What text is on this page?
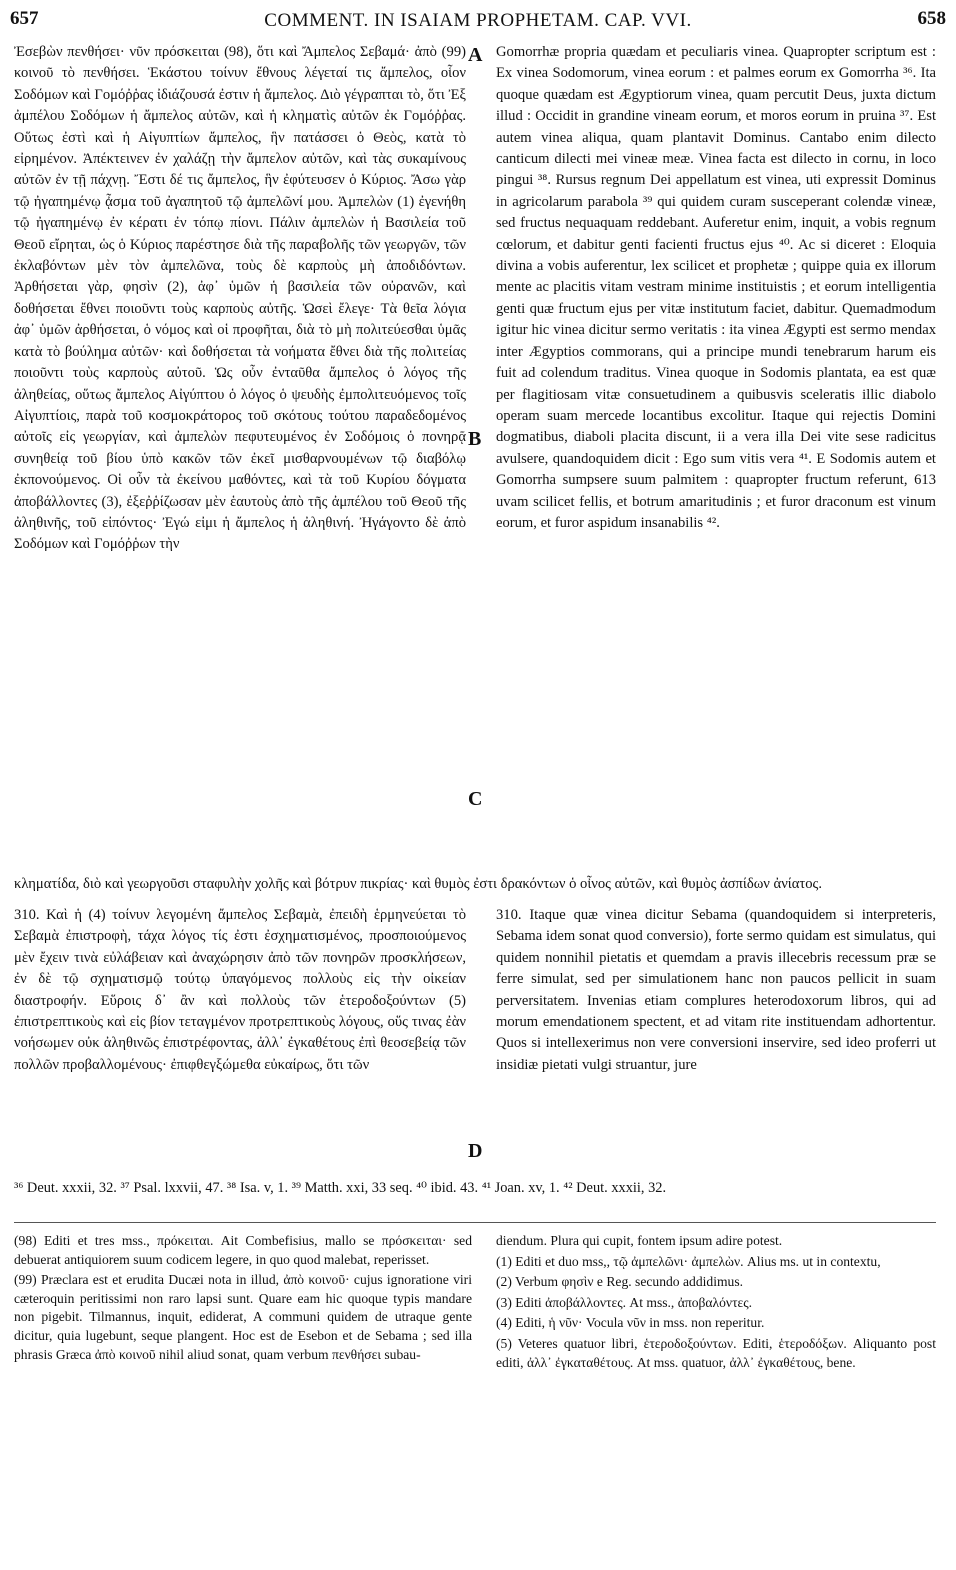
657	COMMENT. IN ISAIAM PROPHETAM. CAP. VVI.	658

Ἐσεβὼν πενθήσει· νῦν πρόσκειται (98), ὅτι καὶ Ἄμπελος Σεβαμά· ἀπὸ (99) κοινοῦ τὸ πενθήσει. Ἑκάστου τοίνυν ἔθνους λέγεταί τις ἄμπελος, οἷον Σοδόμων καὶ Γομόῤῥας ἰδιάζουσά ἐστιν ἡ ἄμπελος. Διὸ γέγραπται τὸ, ὅτι Ἐξ ἀμπέλου Σοδόμων ἡ ἄμπελος αὐτῶν, καὶ ἡ κληματὶς αὐτῶν ἐκ Γομόῤῥας. Οὕτως ἐστὶ καὶ ἡ Αἰγυπτίων ἄμπελος, ἣν πατάσσει ὁ Θεὸς, κατὰ τὸ εἰρημένον. Ἀπέκτεινεν ἐν χαλάζῃ τὴν ἄμπελον αὐτῶν, καὶ τὰς συκαμίνους αὐτῶν ἐν τῇ πάχνῃ. Ἔστι δέ τις ἄμπελος, ἣν ἐφύτευσεν ὁ Κύριος. Ἄσω γὰρ τῷ ἠγαπημένῳ ᾆσμα τοῦ ἀγαπητοῦ τῷ ἀμπελῶνί μου. Ἀμπελὼν (1) ἐγενήθη τῷ ἠγαπημένῳ ἐν κέρατι ἐν τόπῳ πίονι. Πάλιν ἀμπελὼν ἡ Βασιλεία τοῦ Θεοῦ εἴρηται, ὡς ὁ Κύριος παρέστησε διὰ τῆς παραβολῆς τῶν γεωργῶν, τῶν ἐκλαβόντων μὲν τὸν ἀμπελῶνα, τοὺς δὲ καρποὺς μὴ ἀποδιδόντων. Ἀρθήσεται γὰρ, φησὶν (2), ἀφ᾽ ὑμῶν ἡ βασιλεία τῶν οὐρανῶν, καὶ δοθήσεται ἔθνει ποιοῦντι τοὺς καρποὺς αὐτῆς. Ὡσεὶ ἔλεγε· Τὰ θεῖα λόγια ἀφ᾽ ὑμῶν ἀρθήσεται, ὁ νόμος καὶ οἱ προφῆται, διὰ τὸ μὴ πολιτεύεσθαι ὑμᾶς κατὰ τὸ βούλημα αὐτῶν· καὶ δοθήσεται τὰ νοήματα ἔθνει διὰ τῆς πολιτείας ποιοῦντι τοὺς καρποὺς αὐτοῦ. Ὡς οὖν ἐνταῦθα ἄμπελος ὁ λόγος τῆς ἀληθείας, οὕτως ἄμπελος Αἰγύπτου ὁ λόγος ὁ ψευδὴς ἐμπολιτευόμενος τοῖς Αἰγυπτίοις, παρὰ τοῦ κοσμοκράτορος τοῦ σκότους τούτου παραδεδομένος αὐτοῖς εἰς γεωργίαν, καὶ ἀμπελὼν πεφυτευμένος ἐν Σοδόμοις ὁ πονηρᾷ συνηθείᾳ τοῦ βίου ὑπὸ κακῶν τῶν ἐκεῖ μισθαρνουμένων τῷ διαβόλῳ ἐκπονούμενος. Οἱ οὖν τὰ ἐκείνου μαθόντες, καὶ τὰ τοῦ Κυρίου δόγματα ἀποβάλλοντες (3), ἐξεῤῥίζωσαν μὲν ἑαυτοὺς ἀπὸ τῆς ἀμπέλου τοῦ Θεοῦ τῆς ἀληθινῆς, τοῦ εἰπόντος· Ἐγώ εἰμι ἡ ἄμπελος ἡ ἀληθινή. Ἠγάγοντο δὲ ἀπὸ Σοδόμων καὶ Γομόῤῥων τὴν

Gomorrhæ propria quædam et peculiaris vinea. Quapropter scriptum est : Ex vinea Sodomorum, vinea eorum : et palmes eorum ex Gomorrha ³⁶. Ita quoque quædam est Ægyptiorum vinea, quam percutit Deus, juxta dictum illud : Occidit in grandine vineam eorum, et moros eorum in pruina ³⁷. Est autem vinea aliqua, quam plantavit Dominus. Cantabo enim dilecto canticum dilecti mei vineæ meæ. Vinea facta est dilecto in cornu, in loco pingui ³⁸. Rursus regnum Dei appellatum est vinea, uti expressit Dominus in agricolarum parabola ³⁹ qui quidem curam susceperant colendæ vineæ, sed fructus nequaquam reddebant. Auferetur enim, inquit, a vobis regnum cœlorum, et dabitur genti facienti fructus ejus ⁴⁰. Ac si diceret : Eloquia divina a vobis auferentur, lex scilicet et prophetæ ; quippe quia ex illorum mente ac placitis vitam vestram minime instituistis ; et eorum intelligentia genti quæ fructum ejus per vitæ institutum faciet, dabitur. Quemadmodum igitur hic vinea dicitur sermo veritatis : ita vinea Ægypti est sermo mendax inter Ægyptios commorans, qui a principe mundi tenebrarum harum eis fuit ad colendum traditus. Vinea quoque in Sodomis plantata, ea est quæ per flagitiosam vitæ consuetudinem a quibusvis sceleratis illic diabolo operam suam mercede locantibus excolitur. Itaque qui rejectis Domini dogmatibus, diaboli placita discunt, ii a vera illa Dei vite sese radicitus avulsere, quandoquidem dicit : Ego sum vitis vera ⁴¹. E Sodomis autem et Gomorrha sumpsere suum palmitem : quapropter fructum referunt, 613 uvam scilicet fellis, et botrum amaritudinis ; et furor draconum est vinum eorum, et furor aspidum insanabilis ⁴².

A
B
C
D

κληματίδα, διὸ καὶ γεωργοῦσι σταφυλὴν χολῆς καὶ βότρυν πικρίας· καὶ θυμὸς ἐστι δρακόντων ὁ οἶνος αὐτῶν, καὶ θυμὸς ἀσπίδων ἀνίατος.

310. Καὶ ἡ (4) τοίνυν λεγομένη ἄμπελος Σεβαμὰ, ἐπειδὴ ἑρμηνεύεται τὸ Σεβαμὰ ἐπιστροφὴ, τάχα λόγος τίς ἐστι ἐσχηματισμένος, προσποιούμενος μὲν ἔχειν τινὰ εὐλάβειαν καὶ ἀναχώρησιν ἀπὸ τῶν πονηρῶν προσκλήσεων, ἐν δὲ τῷ σχηματισμῷ τούτῳ ὑπαγόμενος πολλοὺς εἰς τὴν οἰκείαν διαστροφήν. Εὕροις δ᾽ ἂν καὶ πολλοὺς τῶν ἑτεροδοξούντων (5) ἐπιστρεπτικοὺς καὶ εἰς βίον τεταγμένον προτρεπτικοὺς λόγους, οὕς τινας ἐὰν νοήσωμεν οὐκ ἀληθινῶς ἐπιστρέφοντας, ἀλλ᾽ ἐγκαθέτους ἐπὶ θεοσεβείᾳ τῶν πολλῶν προβαλλομένους· ἐπιφθεγξώμεθα εὐκαίρως, ὅτι τῶν

310. Itaque quæ vinea dicitur Sebama (quandoquidem si interpreteris, Sebama idem sonat quod conversio), forte sermo quidam est simulatus, qui quidem nonnihil pietatis et quemdam a pravis illecebris recessum præ se ferre simulat, sed per simulationem hanc non paucos pellicit in suam perversitatem. Invenias etiam complures heterodoxorum libros, qui ad morum emendationem spectent, et ad vitam rite instituendam adhortentur. Quos si intellexerimus non vere conversioni inservire, sed ideo proferri ut insidiæ pietati vulgi struantur, jure

³⁶ Deut. xxxii, 32. ³⁷ Psal. lxxvii, 47. ³⁸ Isa. v, 1. ³⁹ Matth. xxi, 33 seq. ⁴⁰ ibid. 43. ⁴¹ Joan. xv, 1. ⁴² Deut. xxxii, 32.

(98) Editi et tres mss., πρόκειται. Ait Combefisius, mallo se πρόσκειται· sed debuerat antiquiorem suum codicem legere, in quo quod malebat, reperisset.

(99) Præclara est et erudita Ducæi nota in illud, ἀπὸ κοινοῦ· cujus ignoratione viri cæteroquin peritissimi non raro lapsi sunt. Quare eam hic quoque typis mandare non pigebit. Tilmannus, inquit, ediderat, A communi quidem de utraque gente dicitur, quia lugebunt, seque plangent. Hoc est de Esebon et de Sebama ; sed illa phrasis Græca ἀπὸ κοινοῦ nihil aliud sonat, quam verbum πενθήσει subau-

diendum. Plura qui cupit, fontem ipsum adire potest.

(1) Editi et duo mss,, τῷ ἀμπελῶνι· ἀμπελὼν. Alius ms. ut in contextu,

(2) Verbum φησὶν e Reg. secundo addidimus.

(3) Editi ἀποβάλλοντες. At mss., ἀποβαλόντες.

(4) Editi, ἡ νῦν· Vocula νῦν in mss. non reperitur.

(5) Veteres quatuor libri, ἑτεροδοξούντων. Editi, ἑτεροδόξων. Aliquanto post editi, ἀλλ᾽ ἐγκαταθέτους. At mss. quatuor, ἀλλ᾽ ἐγκαθέτους, bene.
